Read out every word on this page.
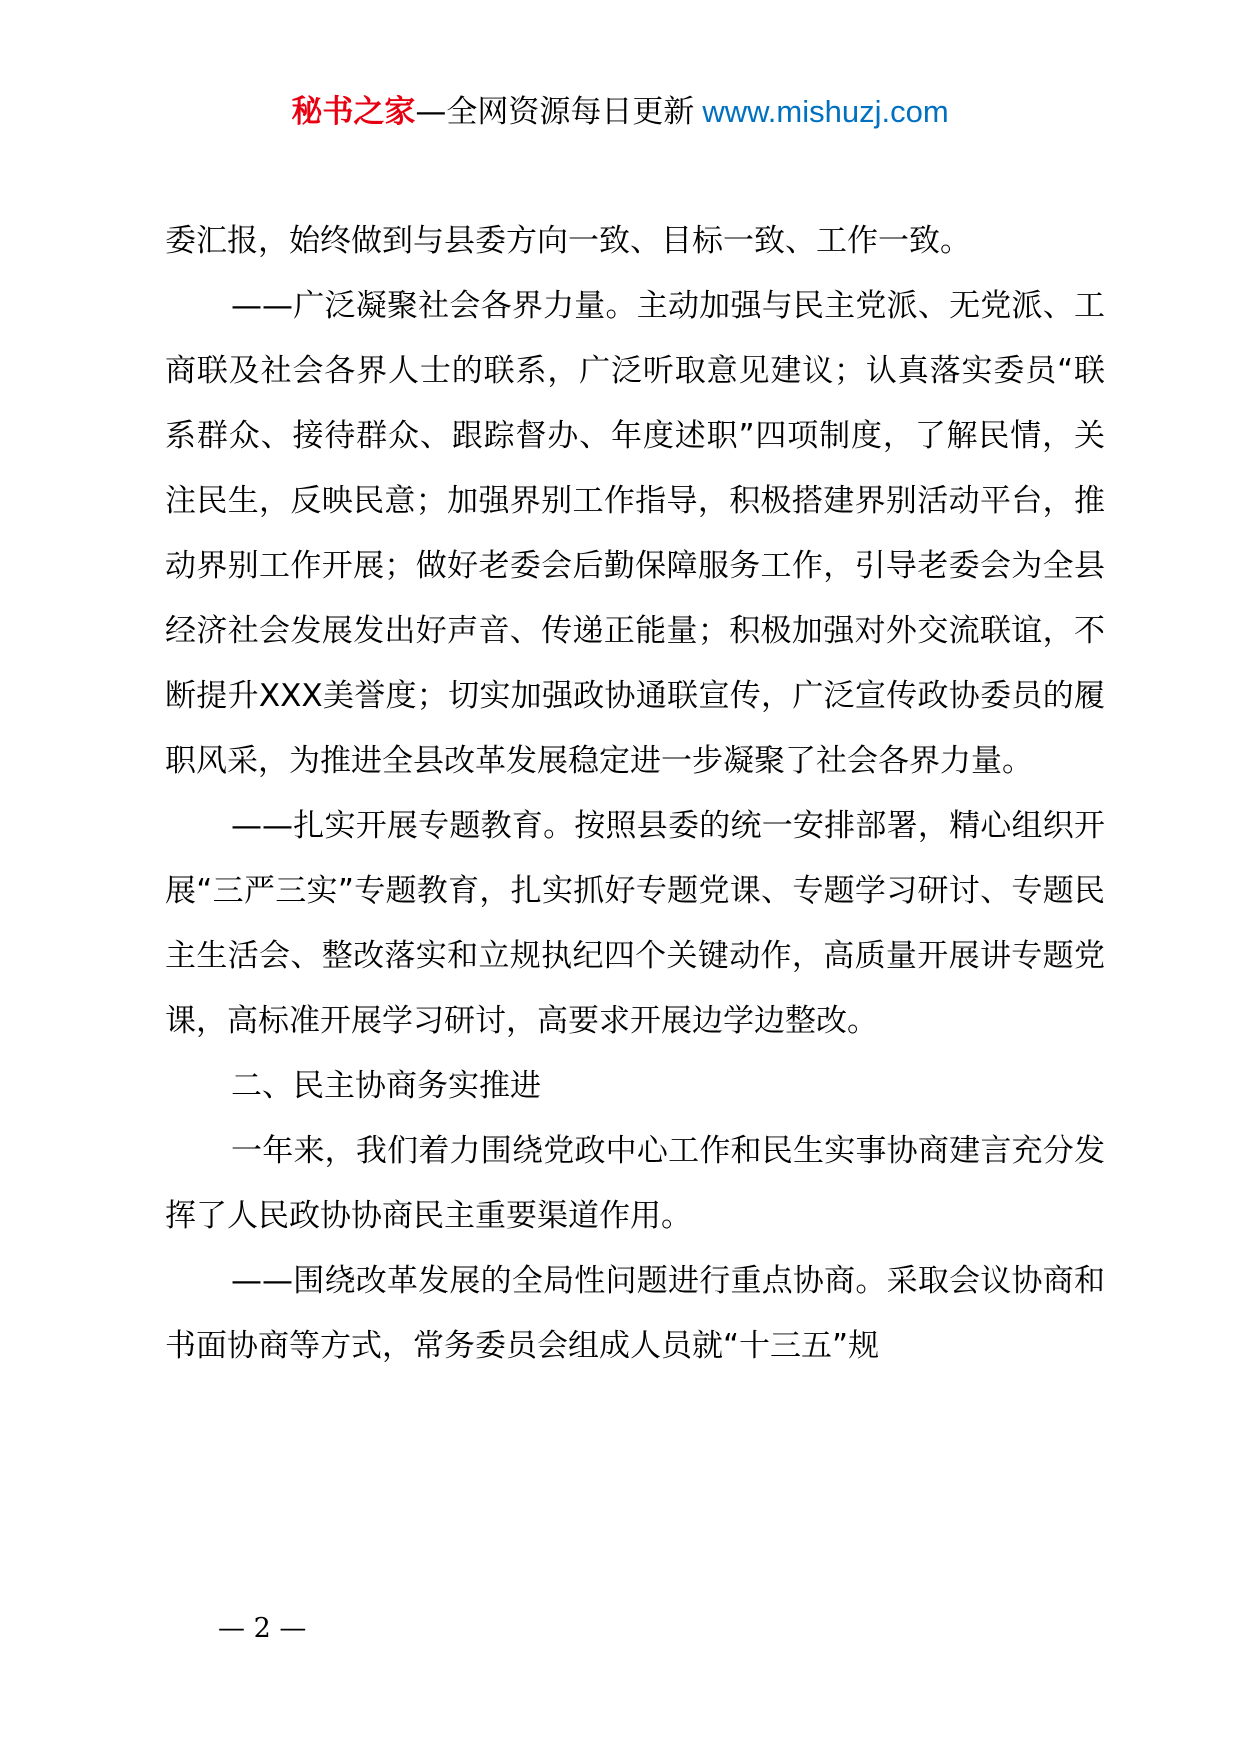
秘书之家—全网资源每日更新 www.mishuzj.com

委汇报，始终做到与县委方向一致、目标一致、工作一致。

——广泛凝聚社会各界力量。主动加强与民主党派、无党派、工商联及社会各界人士的联系，广泛听取意见建议；认真落实委员“联系群众、接待群众、跟踪督办、年度述职”四项制度，了解民情，关注民生，反映民意；加强界别工作指导，积极搭建界别活动平台，推动界别工作开展；做好老委会后勤保障服务工作，引导老委会为全县经济社会发展发出好声音、传递正能量；积极加强对外交流联谊，不断提升XXX美誉度；切实加强政协通联宣传，广泛宣传政协委员的履职风采，为推进全县改革发展稳定进一步凝聚了社会各界力量。

——扎实开展专题教育。按照县委的统一安排部署，精心组织开展“三严三实”专题教育，扎实抓好专题党课、专题学习研讨、专题民主生活会、整改落实和立规执纪四个关键动作，高质量开展讲专题党课，高标准开展学习研讨，高要求开展边学边整改。

二、民主协商务实推进

一年来，我们着力围绕党政中心工作和民生实事协商建言充分发挥了人民政协协商民主重要渠道作用。

——围绕改革发展的全局性问题进行重点协商。采取会议协商和书面协商等方式，常务委员会组成人员就“十三五”规

— 2 —
